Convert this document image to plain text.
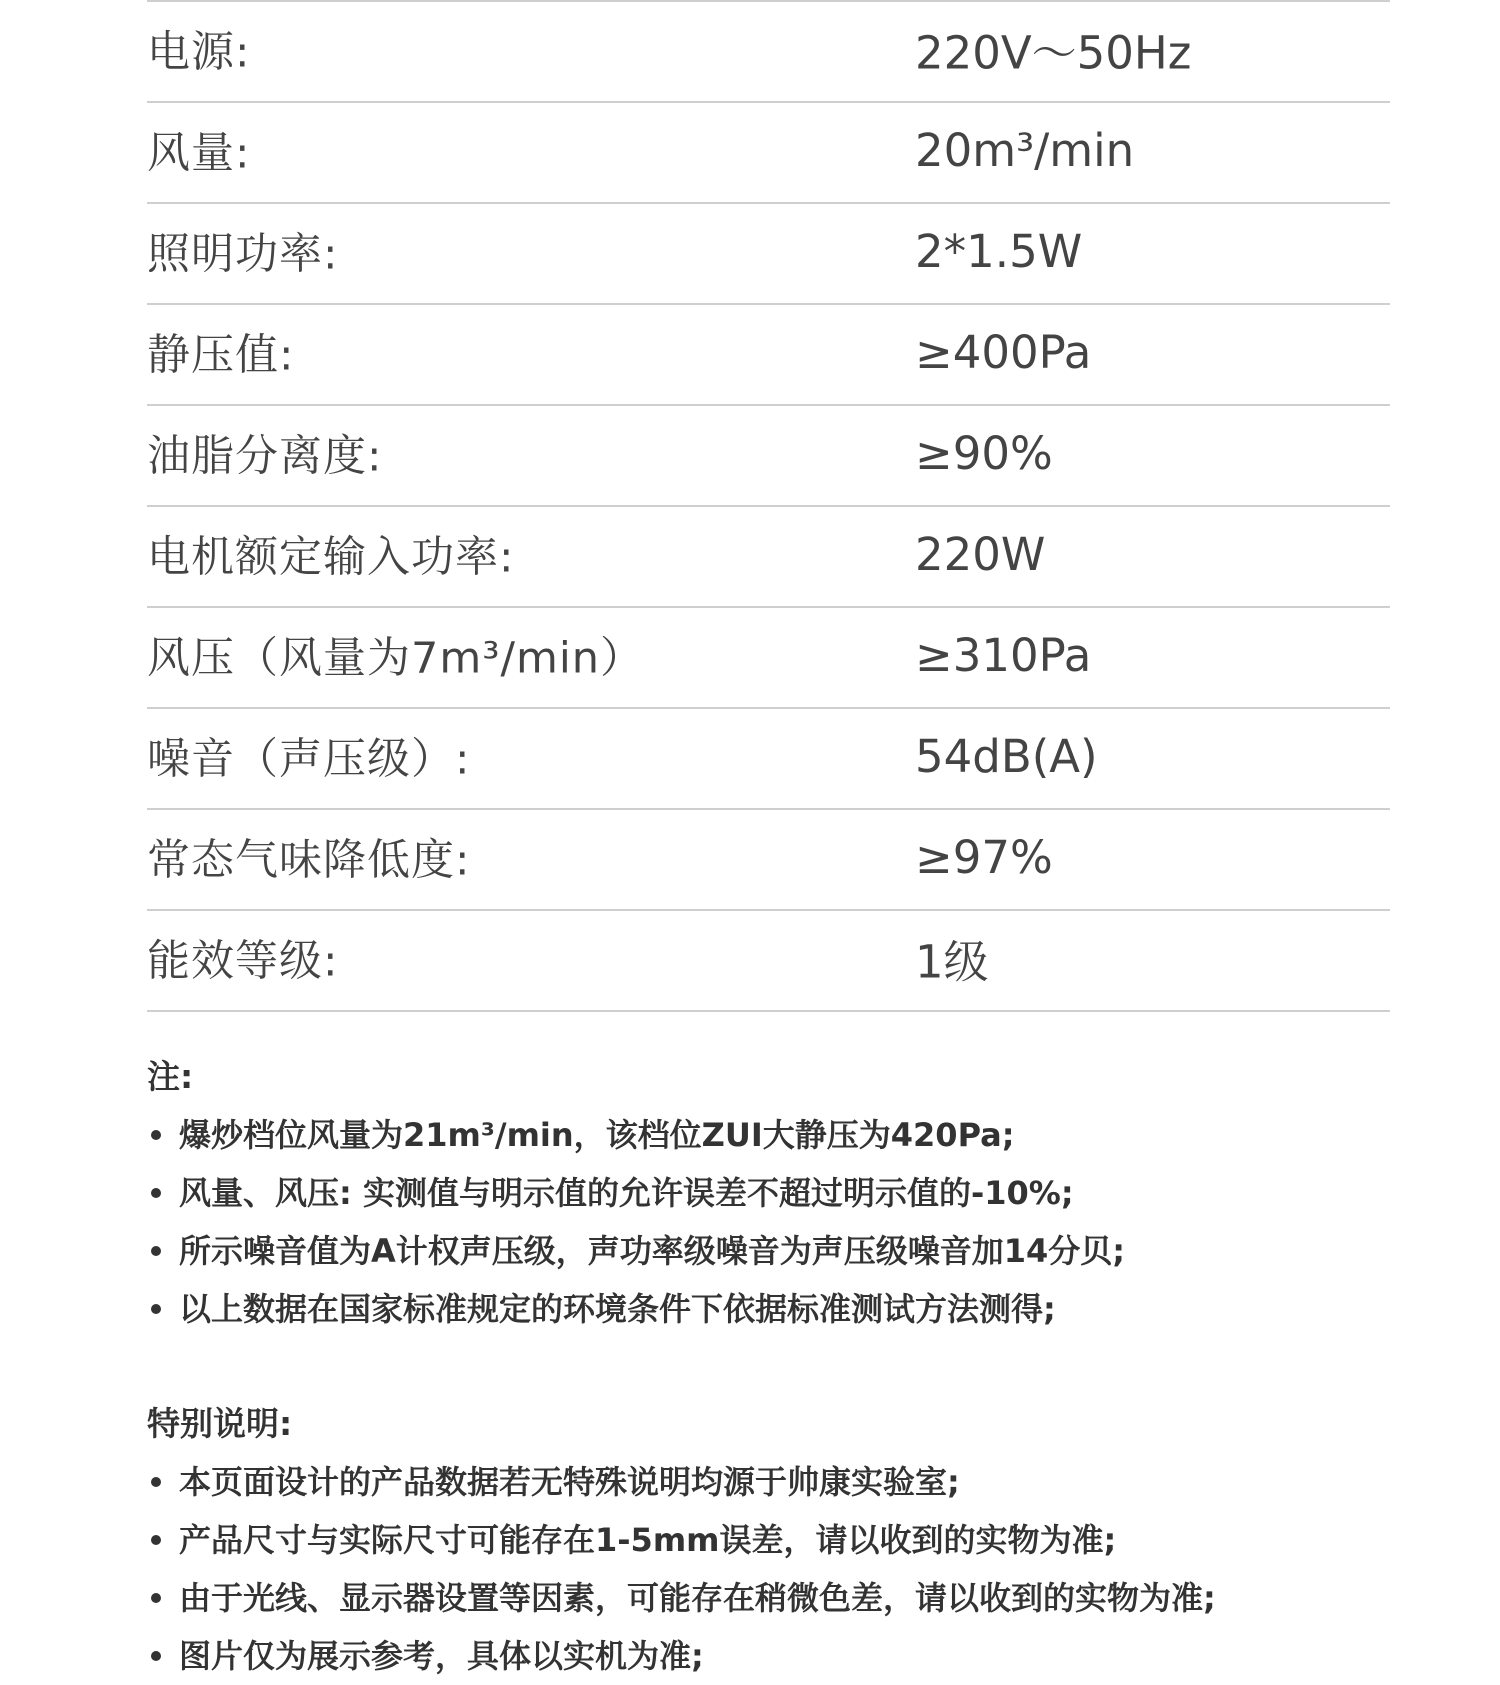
电源:	220V～50Hz
风量:	20m³/min
照明功率:	2*1.5W
静压值:	≥400Pa
油脂分离度:	≥90%
电机额定输入功率:	220W
风压（风量为7m³/min）	≥310Pa
噪音（声压级）:	54dB(A)
常态气味降低度:	≥97%
能效等级:	1级
注:
爆炒档位风量为21m³/min，该档位ZUI大静压为420Pa;
风量、风压: 实测值与明示值的允许误差不超过明示值的-10%;
所示噪音值为A计权声压级，声功率级噪音为声压级噪音加14分贝;
以上数据在国家标准规定的环境条件下依据标准测试方法测得;
特别说明:
本页面设计的产品数据若无特殊说明均源于帅康实验室;
产品尺寸与实际尺寸可能存在1-5mm误差，请以收到的实物为准;
由于光线、显示器设置等因素，可能存在稍微色差，请以收到的实物为准;
图片仅为展示参考，具体以实机为准;
